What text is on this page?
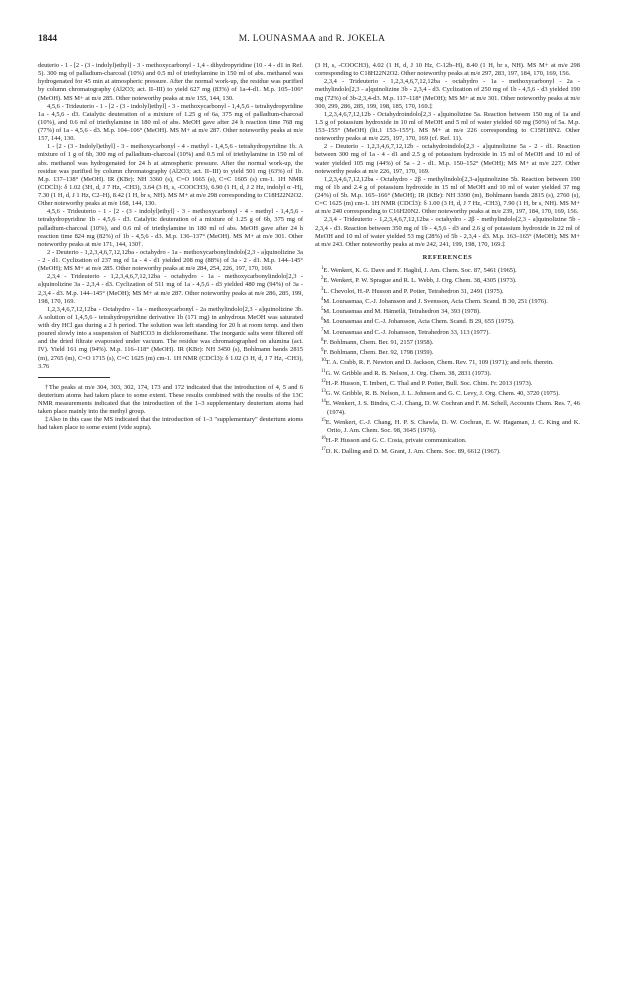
1844	M. LOUNASMAA and R. JOKELA

deuterio - 1 - [2 - (3 - indolyl)ethyl] - 3 - methoxycarbonyl - 1,4 - dihydropyridine (10 - 4 - d1 in Ref. 5). 300 mg of palladium-charcoal (10%) and 0.5 ml of triethylamine in 150 ml of abs. methanol was hydrogenated for 45 min at atmospheric pressure. After the normal work-up, the residue was purified by column chromatography (Al2O3; act. II–III) to yield 627 mg (83%) of 1a-4-d1. M.p. 105–106° (MeOH). MS M+ at m/e 285. Other noteworthy peaks at m/e 155, 144, 130.

4,5,6 - Trideuterio - 1 - [2 - (3 - indolyl)ethyl] - 3 - methoxycarbonyl - 1,4,5,6 - tetrahydropyridine 1a - 4,5,6 - d3. Catalytic deuteration of a mixture of 1.25 g of 6a, 375 mg of palladium-charcoal (10%), and 0.6 ml of triethylamine in 180 ml of abs. MeOH gave after 24 h reaction time 768 mg (77%) of 1a - 4,5,6 - d3. M.p. 104–106° (MeOH). MS M+ at m/e 287. Other noteworthy peaks at m/e 157, 144, 130.

1 - [2 - (3 - Indolyl)ethyl] - 3 - methoxycarbonyl - 4 - methyl - 1,4,5,6 - tetrahydropyridine 1b. A mixture of 1 g of 6b, 300 mg of palladium-charcoal (10%) and 0.5 ml of triethylamine in 150 ml of abs. methanol was hydrogenated for 24 h at atmospheric pressure. After the normal work-up, the residue was purified by column chromatography (Al2O3; act. II–III) to yield 501 mg (63%) of 1b. M.p. 137–138° (MeOH). IR (KBr): NH 3360 (s), C=O 1665 (s), C=C 1605 (s) cm-1. 1H NMR (CDCl3): δ 1.02 (3H, d, J 7 Hz, -CH3), 3.64 (3 H, s, -COOCH3), 6.90 (1 H, d, J 2 Hz, indolyl α -H), 7.30 (1 H, d, J 1 Hz, C2–H), 8.42 (1 H, br s, NH). MS M+ at m/e 298 corresponding to C18H22N2O2. Other noteworthy peaks at m/e 168, 144, 130.

4,5,6 - Trideuterio - 1 - [2 - (3 - indolyl)ethyl] - 3 - methoxycarbonyl - 4 - methyl - 1,4,5,6 - tetrahydropyridine 1b - 4,5,6 - d3. Catalytic deuteration of a mixture of 1.25 g of 6b, 375 mg of palladium-charcoal (10%), and 0.6 ml of triethylamine in 180 ml of abs. MeOH gave after 24 h reaction time 824 mg (82%) of 1b - 4,5,6 - d3. M.p. 136–137° (MeOH). MS M+ at m/e 301. Other noteworthy peaks at m/e 171, 144, 130†.

2 - Deuterio - 1,2,3,4,6,7,12,12ba - octahydro - 1a - methoxycarbonylindolo[2,3 - a]quinolizine 3a - 2 - d1. Cyclization of 237 mg of 1a - 4 - d1 yielded 208 mg (88%) of 3a - 2 - d1. M.p. 144–145° (MeOH); MS M+ at m/e 285. Other noteworthy peaks at m/e 284, 254, 226, 197, 170, 169.

2,3,4 - Trideuterio - 1,2,3,4,6,7,12,12ba - octahydro - 1a - methoxycarbonylindolo[2,3 - a]quinolizine 3a - 2,3,4 - d3. Cyclization of 511 mg of 1a - 4,5,6 - d3 yielded 480 mg (94%) of 3a - 2,3,4 - d3. M.p. 144–145° (MeOH); MS M+ at m/e 287. Other noteworthy peaks at m/e 286, 285, 199, 198, 170, 169.

1,2,3,4,6,7,12,12ba - Octahydro - 1a - methoxycarbonyl - 2a methylindolo[2,3 - a]quinolizine 3b. A solution of 1,4,5,6 - tetrahydropyridine derivative 1b (171 mg) in anhydrous MeOH was saturated with dry HCl gas during a 2 h period. The solution was left standing for 20 h at room temp. and then poured slowly into a suspension of NaHCO3 in dichloromethane. The inorganic salts were filtered off and the dried filtrate evaporated under vacuum. The residue was chromatographed on alumina (act. IV). Yield 161 mg (94%). M.p. 116–118° (MeOH). IR (KBr): NH 3450 (s), Bohlmann bands 2815 (m), 2765 (m), C=O 1715 (s), C=C 1625 (m) cm-1. 1H NMR (CDCl3): δ 1.02 (3 H, d, J 7 Hz, -CH3), 3.76

†The peaks at m/e 304, 303, 302, 174, 173 and 172 indicated that the introduction of 4, 5 and 6 deuterium atoms had taken place to some extent. These results combined with the results of the 13C NMR measurements indicated that the introduction of the 1–3 supplementary deuterium atoms had taken place mainly into the methyl group.

‡Also in this case the MS indicated that the introduction of 1–3 "supplementary" deuterium atoms had taken place to some extent (vide supra).

(3 H, s, -COOCH3), 4.02 (1 H, d, J 10 Hz, C-12b–H), 8.40 (1 H, br s, NH). MS M+ at m/e 298 corresponding to C18H22N2O2. Other noteworthy peaks at m/e 297, 283, 197, 184, 170, 169, 156.

2,3,4 - Trideuterio - 1,2,3,4,6,7,12,12ba - octahydro - 1a - methoxycarbonyl - 2a - methylindolo[2,3 - a]quinolizine 3b - 2,3,4 - d3. Cyclization of 250 mg of 1b - 4,5,6 - d3 yielded 190 mg (72%) of 3b-2,3,4-d3. M.p. 117–118° (MeOH); MS M+ at m/e 301. Other noteworthy peaks at m/e 300, 299, 286, 285, 199, 198, 185, 170, 169.‡

1,2,3,4,6,7,12,12b - Octahydroindolo[2,3 - a]quinolizine 5a. Reaction between 150 mg of 1a and 1.5 g of potassium hydroxide in 10 ml of MeOH and 5 ml of water yielded 60 mg (50%) of 5a. M.p. 153–155° (MeOH) (lit.1 153–155°). MS M+ at m/e 226 corresponding to C15H18N2. Other noteworthy peaks at m/e 225, 197, 170, 169 (cf. Ref. 11).

2 - Deuterio - 1,2,3,4,6,7,12,12b - octahydroindolo[2,3 - a]quinolizine 5a - 2 - d1. Reaction between 300 mg of 1a - 4 - d1 and 2.5 g of potassium hydroxide in 15 ml of MeOH and 10 ml of water yielded 105 mg (44%) of 5a - 2 - d1. M.p. 150–152° (MeOH); MS M+ at m/e 227. Other noteworthy peaks at m/e 226, 197, 170, 169.

1,2,3,4,6,7,12,12ba - Octahydro - 2β - methylindolo[2,3-a]quinolizine 5b. Reaction between 190 mg of 1b and 2.4 g of potassium hydroxide in 15 ml of MeOH and 10 ml of water yielded 37 mg (24%) of 5b. M.p. 165–166° (MeOH); IR (KBr): NH 3390 (m), Bohlmann bands 2815 (s), 2760 (s), C=C 1625 (m) cm-1. 1H NMR (CDCl3): δ 1.00 (3 H, d, J 7 Hz, -CH3), 7.90 (1 H, br s, NH). MS M+ at m/e 240 corresponding to C16H20N2. Other noteworthy peaks at m/e 239, 197, 184, 170, 169, 156.

2,3,4 - Trideuterio - 1,2,3,4,6,7,12,12ba - octahydro - 2β - methylindolo[2,3 - a]quinolizine 5b - 2,3,4 - d3. Reaction between 350 mg of 1b - 4,5,6 - d3 and 2.6 g of potassium hydroxide in 22 ml of MeOH and 10 ml of water yielded 53 mg (28%) of 5b - 2,3,4 - d3. M.p. 163–165° (MeOH); MS M+ at m/e 243. Other noteworthy peaks at m/e 242, 241, 199, 198, 170, 169.‡

REFERENCES
$^1$E. Wenkert, K. G. Dave and F. Haglid, J. Am. Chem. Soc. 87, 5461 (1965).
$^2$E. Wenkert, P. W. Sprague and R. L. Webb, J. Org. Chem. 38, 4305 (1973).
$^3$L. Chevolot, H.-P. Husson and P. Potier, Tetrahedron 31, 2491 (1975).
$^4$M. Lounasmaa, C.-J. Johansson and J. Svensson, Acta Chem. Scand. B 30, 251 (1976).
$^5$M. Lounasmaa and M. Hämeilä, Tetrahedron 34, 393 (1978).
$^6$M. Lounasmaa and C.-J. Johansson, Acta Chem. Scand. B 29, 655 (1975).
$^7$M. Lounasmaa and C.-J. Johansson, Tetrahedron 33, 113 (1977).
$^8$F. Bohlmann, Chem. Ber. 91, 2157 (1958).
$^9$F. Bohlmann, Chem. Ber. 92, 1798 (1959).
$^{10}$T. A. Crabb, R. F. Newton and D. Jackson, Chem. Rev. 71, 109 (1971); and refs. therein.
$^{11}$G. W. Gribble and R. B. Nelson, J. Org. Chem. 38, 2831 (1973).
$^{12}$H.-P. Husson, T. Imbert, C. Thal and P. Potier, Bull. Soc. Chim. Fr. 2013 (1973).
$^{13}$G. W. Gribble, R. B. Nelson, J. L. Johnson and G. C. Levy, J. Org. Chem. 40, 3720 (1975).
$^{14}$E. Wenkert, J. S. Bindra, C.-J. Chang, D. W. Cochran and F. M. Schell, Accounts Chem. Res. 7, 46 (1974).
$^{15}$E. Wenkert, C.-J. Chang, H. P. S. Chawla, D. W. Cochran, E. W. Hagaman, J. C. King and K. Orito, J. Am. Chem. Soc. 98, 3645 (1976).
$^{16}$H.-P. Husson and G. C. Costa, private communication.
$^{17}$D. K. Dalling and D. M. Grant, J. Am. Chem. Soc. 89, 6612 (1967).
